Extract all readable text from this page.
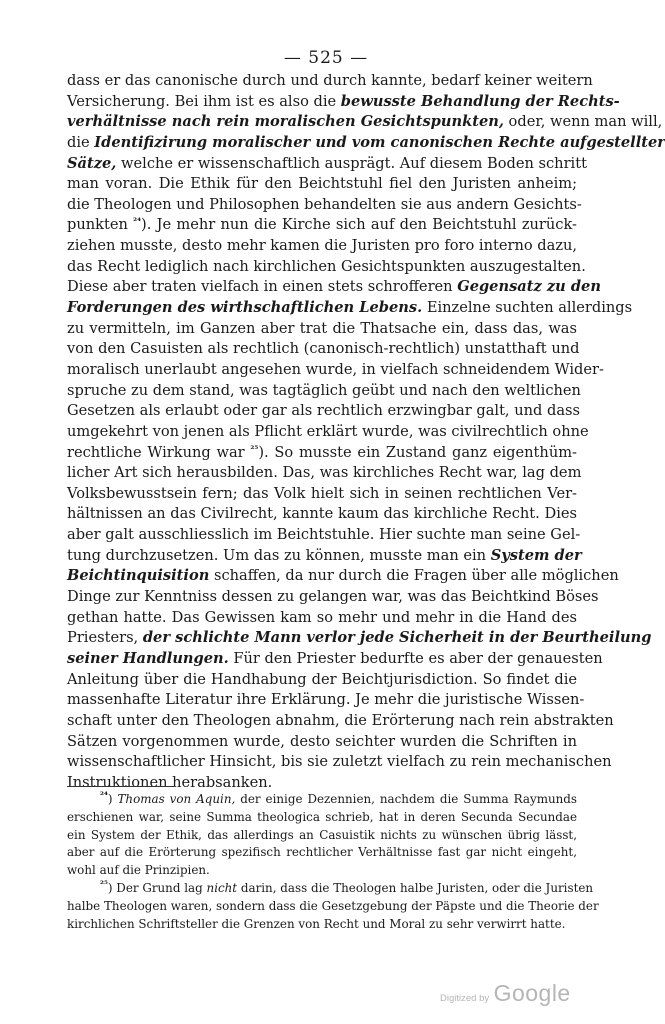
— 525 —
dass er das canonische durch und durch kannte, bedarf keiner weitern
Versicherung. Bei ihm ist es also die bewusste Behandlung der Rechts-
verhältnisse nach rein moralischen Gesichtspunkten, oder, wenn man will,
die Identifizirung moralischer und vom canonischen Rechte aufgestellter
Sätze, welche er wissenschaftlich ausprägt. Auf diesem Boden schritt
man voran. Die Ethik für den Beichtstuhl fiel den Juristen anheim;
die Theologen und Philosophen behandelten sie aus andern Gesichts-
punkten $^{^{24}}$). Je mehr nun die Kirche sich auf den Beichtstuhl zurück-
ziehen musste, desto mehr kamen die Juristen pro foro interno dazu,
das Recht lediglich nach kirchlichen Gesichtspunkten auszugestalten.
Diese aber traten vielfach in einen stets schrofferen Gegensatz zu den
Forderungen des wirthschaftlichen Lebens. Einzelne suchten allerdings
zu vermitteln, im Ganzen aber trat die Thatsache ein, dass das, was
von den Casuisten als rechtlich (canonisch-rechtlich) unstatthaft und
moralisch unerlaubt angesehen wurde, in vielfach schneidendem Wider-
spruche zu dem stand, was tagtäglich geübt und nach den weltlichen
Gesetzen als erlaubt oder gar als rechtlich erzwingbar galt, und dass
umgekehrt von jenen als Pflicht erklärt wurde, was civilrechtlich ohne
rechtliche Wirkung war $^{^{25}}$). So musste ein Zustand ganz eigenthüm-
licher Art sich herausbilden. Das, was kirchliches Recht war, lag dem
Volksbewusstsein fern; das Volk hielt sich in seinen rechtlichen Ver-
hältnissen an das Civilrecht, kannte kaum das kirchliche Recht. Dies
aber galt ausschliesslich im Beichtstuhle. Hier suchte man seine Gel-
tung durchzusetzen. Um das zu können, musste man ein System der
Beichtinquisition schaffen, da nur durch die Fragen über alle möglichen
Dinge zur Kenntniss dessen zu gelangen war, was das Beichtkind Böses
gethan hatte. Das Gewissen kam so mehr und mehr in die Hand des
Priesters, der schlichte Mann verlor jede Sicherheit in der Beurtheilung
seiner Handlungen. Für den Priester bedurfte es aber der genauesten
Anleitung über die Handhabung der Beichtjurisdiction. So findet die
massenhafte Literatur ihre Erklärung. Je mehr die juristische Wissen-
schaft unter den Theologen abnahm, die Erörterung nach rein abstrakten
Sätzen vorgenommen wurde, desto seichter wurden die Schriften in
wissenschaftlicher Hinsicht, bis sie zuletzt vielfach zu rein mechanischen
Instruktionen herabsanken.
$^{^{24}}$) Thomas von Aquin, der einige Dezennien, nachdem die Summa Raymunds
erschienen war, seine Summa theologica schrieb, hat in deren Secunda Secundae
ein System der Ethik, das allerdings an Casuistik nichts zu wünschen übrig lässt,
aber auf die Erörterung spezifisch rechtlicher Verhältnisse fast gar nicht eingeht,
wohl auf die Prinzipien.
$^{^{25}}$) Der Grund lag nicht darin, dass die Theologen halbe Juristen, oder die Juristen
halbe Theologen waren, sondern dass die Gesetzgebung der Päpste und die Theorie der
kirchlichen Schriftsteller die Grenzen von Recht und Moral zu sehr verwirrt hatte.
Digitized by Google
